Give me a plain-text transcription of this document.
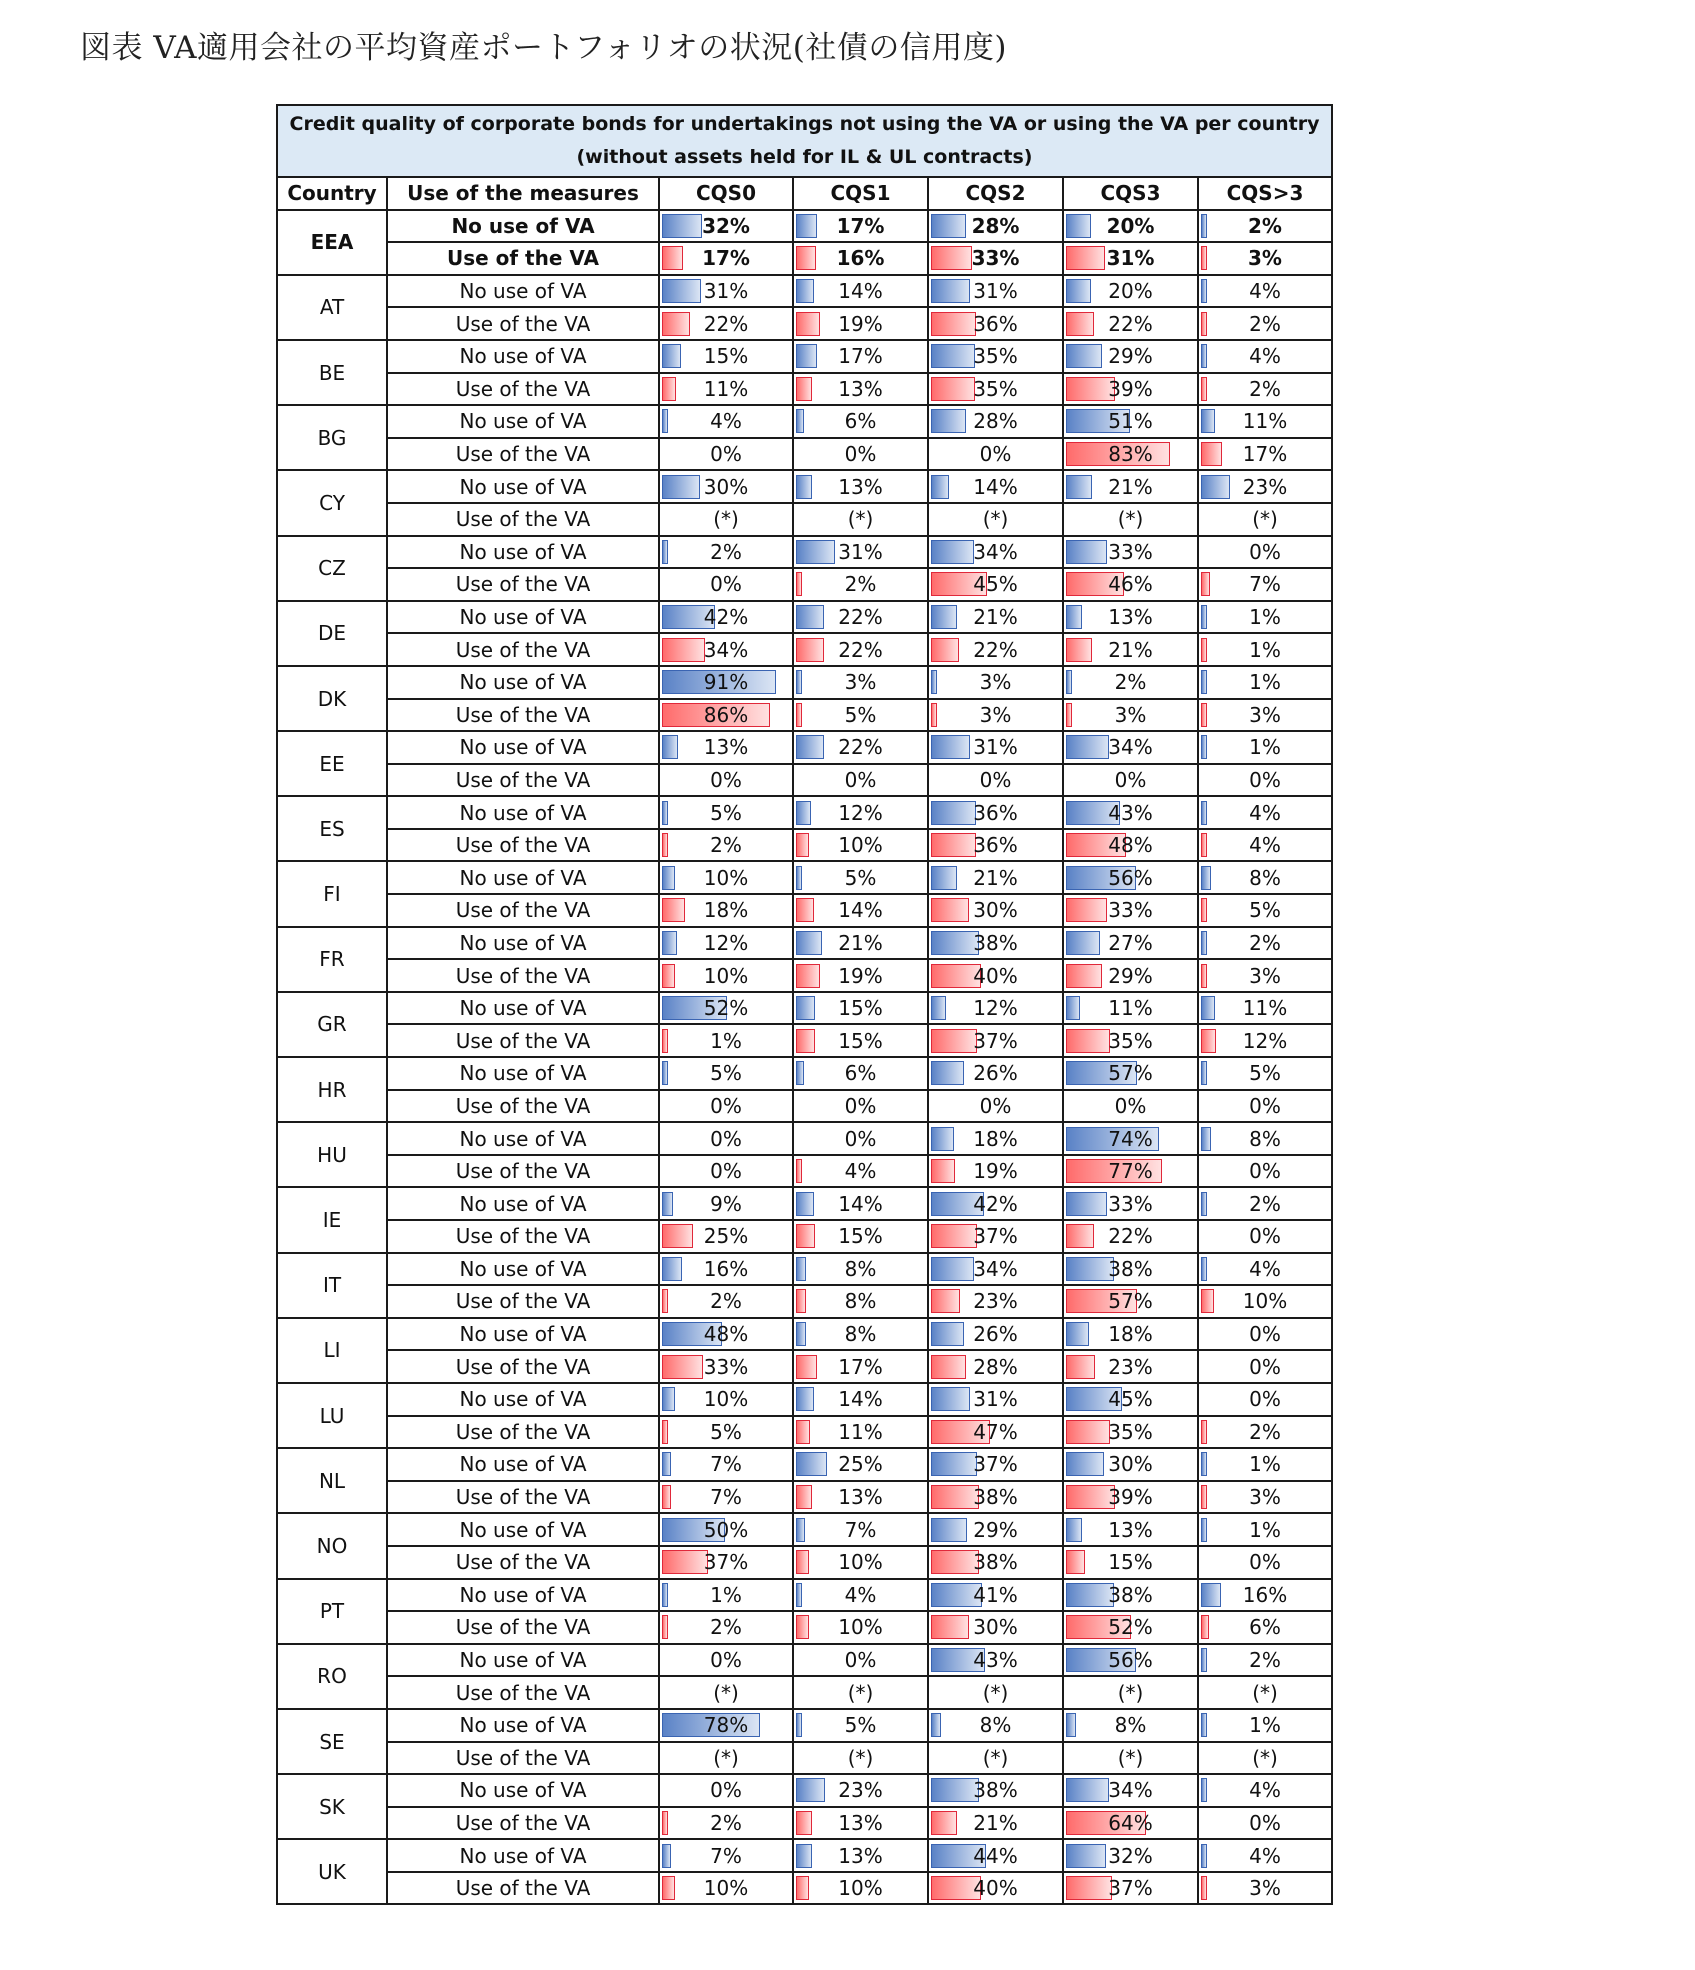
図表 VA適用会社の平均資産ポートフォリオの状況(社債の信用度)
Credit quality of corporate bonds for undertakings not using the VA or using the VA per country
(without assets held for IL & UL contracts)						

Country	Use of the measures	CQS0	CQS1	CQS2	CQS3	CQS>3
EEA	No use of VA	32%	17%	28%	20%	2%

	Use of the VA	17%	16%	33%	31%	3%

AT	No use of VA	31%	14%	31%	20%	4%

	Use of the VA	22%	19%	36%	22%	2%

BE	No use of VA	15%	17%	35%	29%	4%

	Use of the VA	11%	13%	35%	39%	2%

BG	No use of VA	4%	6%	28%	51%	11%

	Use of the VA	0%	0%	0%	83%	17%

CY	No use of VA	30%	13%	14%	21%	23%

	Use of the VA	(*)	(*)	(*)	(*)	(*)

CZ	No use of VA	2%	31%	34%	33%	0%

	Use of the VA	0%	2%	45%	46%	7%

DE	No use of VA	42%	22%	21%	13%	1%

	Use of the VA	34%	22%	22%	21%	1%

DK	No use of VA	91%	3%	3%	2%	1%

	Use of the VA	86%	5%	3%	3%	3%

EE	No use of VA	13%	22%	31%	34%	1%

	Use of the VA	0%	0%	0%	0%	0%

ES	No use of VA	5%	12%	36%	43%	4%

	Use of the VA	2%	10%	36%	48%	4%

FI	No use of VA	10%	5%	21%	56%	8%

	Use of the VA	18%	14%	30%	33%	5%

FR	No use of VA	12%	21%	38%	27%	2%

	Use of the VA	10%	19%	40%	29%	3%

GR	No use of VA	52%	15%	12%	11%	11%

	Use of the VA	1%	15%	37%	35%	12%

HR	No use of VA	5%	6%	26%	57%	5%

	Use of the VA	0%	0%	0%	0%	0%

HU	No use of VA	0%	0%	18%	74%	8%

	Use of the VA	0%	4%	19%	77%	0%

IE	No use of VA	9%	14%	42%	33%	2%

	Use of the VA	25%	15%	37%	22%	0%

IT	No use of VA	16%	8%	34%	38%	4%

	Use of the VA	2%	8%	23%	57%	10%

LI	No use of VA	48%	8%	26%	18%	0%

	Use of the VA	33%	17%	28%	23%	0%

LU	No use of VA	10%	14%	31%	45%	0%

	Use of the VA	5%	11%	47%	35%	2%

NL	No use of VA	7%	25%	37%	30%	1%

	Use of the VA	7%	13%	38%	39%	3%

NO	No use of VA	50%	7%	29%	13%	1%

	Use of the VA	37%	10%	38%	15%	0%

PT	No use of VA	1%	4%	41%	38%	16%

	Use of the VA	2%	10%	30%	52%	6%

RO	No use of VA	0%	0%	43%	56%	2%

	Use of the VA	(*)	(*)	(*)	(*)	(*)

SE	No use of VA	78%	5%	8%	8%	1%

	Use of the VA	(*)	(*)	(*)	(*)	(*)

SK	No use of VA	0%	23%	38%	34%	4%

	Use of the VA	2%	13%	21%	64%	0%

UK	No use of VA	7%	13%	44%	32%	4%

	Use of the VA	10%	10%	40%	37%	3%
